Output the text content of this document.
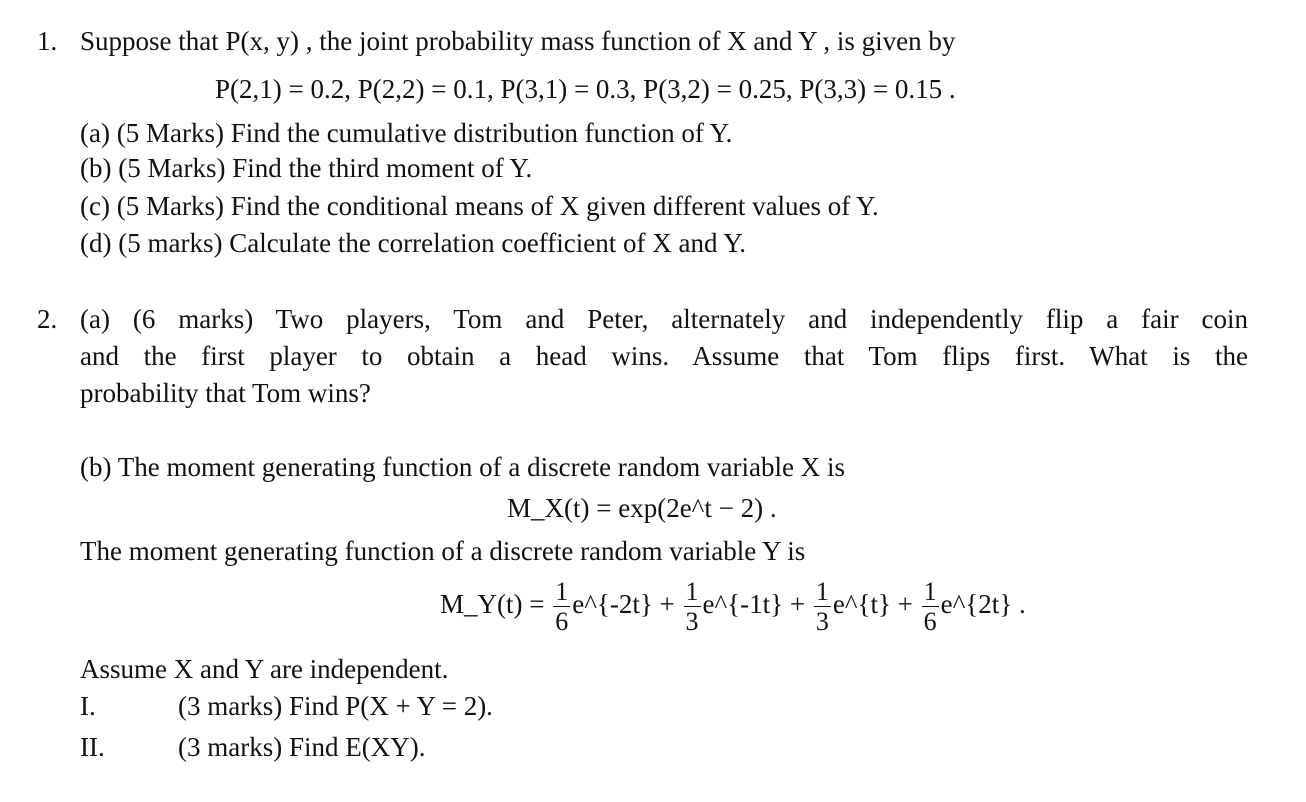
1. Suppose that P(x, y) , the joint probability mass function of X and Y , is given by
P(2,1) = 0.2, P(2,2) = 0.1, P(3,1) = 0.3, P(3,2) = 0.25, P(3,3) = 0.15 .
(a) (5 Marks) Find the cumulative distribution function of Y.
(b) (5 Marks) Find the third moment of Y.
(c) (5 Marks) Find the conditional means of X given different values of Y.
(d) (5 marks) Calculate the correlation coefficient of X and Y.
2. (a) (6 marks) Two players, Tom and Peter, alternately and independently flip a fair coin
and the first player to obtain a head wins. Assume that Tom flips first. What is the
probability that Tom wins?
(b) The moment generating function of a discrete random variable X is
M_X(t) = exp(2e^t − 2) .
The moment generating function of a discrete random variable Y is
M_Y(t) = $\frac{1}{6}$ e^{-2t} + $\frac{1}{3}$ e^{-1t} + $\frac{1}{3}$ e^{t} + $\frac{1}{6}$ e^{2t} .
Assume X and Y are independent.
I.	(3 marks) Find P(X + Y = 2).
II.	(3 marks) Find E(XY).
